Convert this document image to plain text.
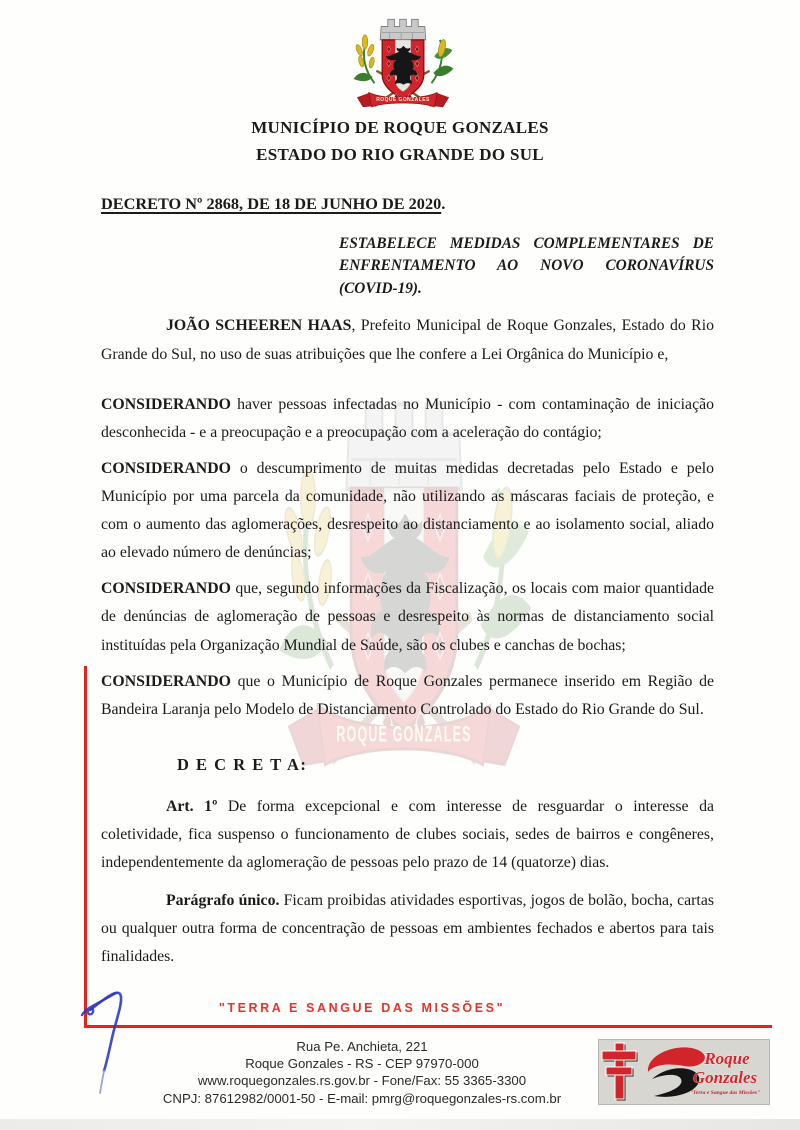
MUNICÍPIO DE ROQUE GONZALES
ESTADO DO RIO GRANDE DO SUL
DECRETO Nº 2868, DE 18 DE JUNHO DE 2020.

ESTABELECE MEDIDAS COMPLEMENTARES DE ENFRENTAMENTO AO NOVO CORONAVÍRUS (COVID-19).

JOÃO SCHEEREN HAAS, Prefeito Municipal de Roque Gonzales, Estado do Rio Grande do Sul, no uso de suas atribuições que lhe confere a Lei Orgânica do Município e,

CONSIDERANDO haver pessoas infectadas no Município - com contaminação de iniciação desconhecida - e a preocupação e a preocupação com a aceleração do contágio;

CONSIDERANDO o descumprimento de muitas medidas decretadas pelo Estado e pelo Município por uma parcela da comunidade, não utilizando as máscaras faciais de proteção, e com o aumento das aglomerações, desrespeito ao distanciamento e ao isolamento social, aliado ao elevado número de denúncias;

CONSIDERANDO que, segundo informações da Fiscalização, os locais com maior quantidade de denúncias de aglomeração de pessoas e desrespeito às normas de distanciamento social instituídas pela Organização Mundial de Saúde, são os clubes e canchas de bochas;

CONSIDERANDO que o Município de Roque Gonzales permanece inserido em Região de Bandeira Laranja pelo Modelo de Distanciamento Controlado do Estado do Rio Grande do Sul.

D E C R E T A:

Art. 1º De forma excepcional e com interesse de resguardar o interesse da coletividade, fica suspenso o funcionamento de clubes sociais, sedes de bairros e congêneres, independentemente da aglomeração de pessoas pelo prazo de 14 (quatorze) dias.

Parágrafo único. Ficam proibidas atividades esportivas, jogos de bolão, bocha, cartas ou qualquer outra forma de concentração de pessoas em ambientes fechados e abertos para tais finalidades.

"TERRA E SANGUE DAS MISSÕES"
Rua Pe. Anchieta, 221
Roque Gonzales - RS - CEP 97970-000
www.roquegonzales.rs.gov.br - Fone/Fax: 55 3365-3300
CNPJ: 87612982/0001-50 - E-mail: pmrg@roquegonzales-rs.com.br
Roque
Gonzales
"Terra e Sangue das Missões"
